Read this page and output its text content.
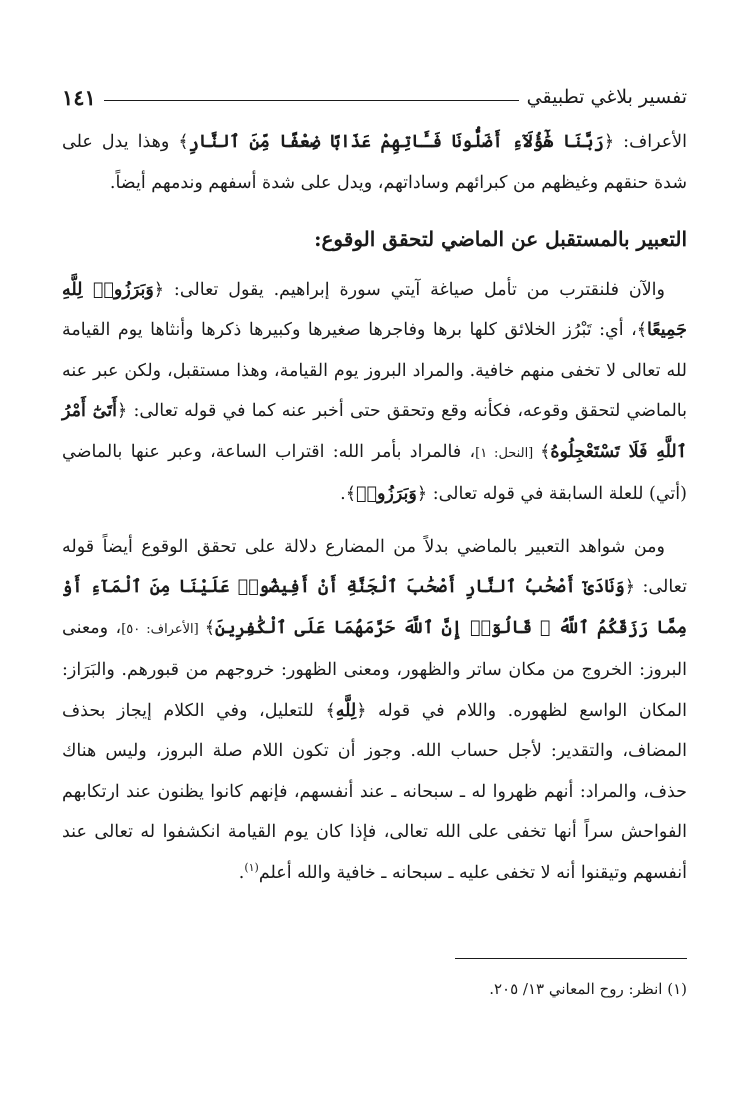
تفسير بلاغي تطبيقي
١٤١

الأعراف: ﴿رَبَّنَا هَٰٓؤُلَآءِ أَضَلُّونَا فَـَٔاتِهِمْ عَذَابًا ضِعْفًا مِّنَ ٱلنَّارِ﴾ وهذا يدل على شدة حنقهم وغيظهم من كبرائهم وساداتهم، ويدل على شدة أسفهم وندمهم أيضاً.

التعبير بالمستقبل عن الماضي لتحقق الوقوع:

والآن فلنقترب من تأمل صياغة آيتي سورة إبراهيم. يقول تعالى: ﴿وَبَرَزُوا۟ لِلَّهِ جَمِيعًا﴾، أي: تَبْرُز الخلائق كلها برها وفاجرها صغيرها وكبيرها ذكرها وأنثاها يوم القيامة لله تعالى لا تخفى منهم خافية. والمراد البروز يوم القيامة، وهذا مستقبل، ولكن عبر عنه بالماضي لتحقق وقوعه، فكأنه وقع وتحقق حتى أخبر عنه كما في قوله تعالى: ﴿أَتَىٰٓ أَمْرُ ٱللَّهِ فَلَا تَسْتَعْجِلُوهُ﴾ [النحل: ١]، فالمراد بأمر الله: اقتراب الساعة، وعبر عنها بالماضي (أتي) للعلة السابقة في قوله تعالى: ﴿وَبَرَزُوا۟﴾.

ومن شواهد التعبير بالماضي بدلاً من المضارع دلالة على تحقق الوقوع أيضاً قوله تعالى: ﴿وَنَادَىٰٓ أَصْحَٰبُ ٱلنَّارِ أَصْحَٰبَ ٱلْجَنَّةِ أَنْ أَفِيضُوا۟ عَلَيْنَا مِنَ ٱلْمَآءِ أَوْ مِمَّا رَزَقَكُمُ ٱللَّهُ ۚ قَالُوٓا۟ إِنَّ ٱللَّهَ حَرَّمَهُمَا عَلَى ٱلْكَٰفِرِينَ﴾ [الأعراف: ٥٠]، ومعنى البروز: الخروج من مكان ساتر والظهور، ومعنى الظهور: خروجهم من قبورهم. والبَرَاز: المكان الواسع لظهوره. واللام في قوله ﴿لِلَّهِ﴾ للتعليل، وفي الكلام إيجاز بحذف المضاف، والتقدير: لأجل حساب الله. وجوز أن تكون اللام صلة البروز، وليس هناك حذف، والمراد: أنهم ظهروا له ـ سبحانه ـ عند أنفسهم، فإنهم كانوا يظنون عند ارتكابهم الفواحش سراً أنها تخفى على الله تعالى، فإذا كان يوم القيامة انكشفوا له تعالى عند أنفسهم وتيقنوا أنه لا تخفى عليه ـ سبحانه ـ خافية والله أعلم$^{(١)}$.

(١) انظر: روح المعاني ١٣/ ٢٠٥.
